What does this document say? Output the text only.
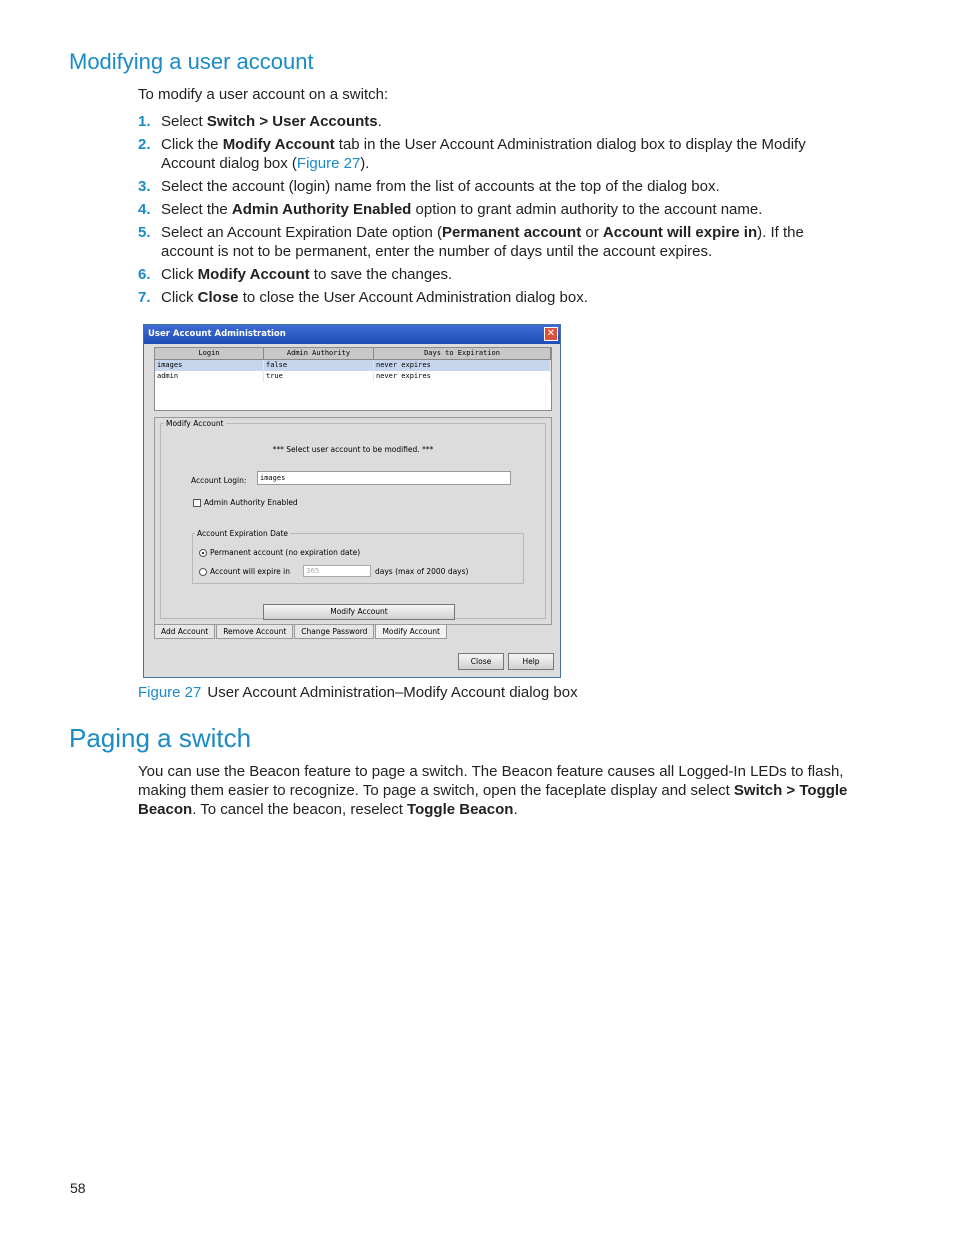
Modifying a user account

To modify a user account on a switch:

1. Select Switch > User Accounts.
2. Click the Modify Account tab in the User Account Administration dialog box to display the Modify Account dialog box (Figure 27).
3. Select the account (login) name from the list of accounts at the top of the dialog box.
4. Select the Admin Authority Enabled option to grant admin authority to the account name.
5. Select an Account Expiration Date option (Permanent account or Account will expire in). If the account is not to be permanent, enter the number of days until the account expires.
6. Click Modify Account to save the changes.
7. Click Close to close the User Account Administration dialog box.
User Account Administration	✕
Login	Admin Authority	Days to Expiration
images	false	never expires
admin	true	never expires
Modify Account
*** Select user account to be modified. ***
Account Login:	images
Admin Authority Enabled
Account Expiration Date
Permanent account (no expiration date)
Account will expire in	365	days (max of 2000 days)
Modify Account
Add Account	Remove Account	Change Password	Modify Account
Close	Help
Figure 27 User Account Administration–Modify Account dialog box
Paging a switch

You can use the Beacon feature to page a switch. The Beacon feature causes all Logged-In LEDs to flash, making them easier to recognize. To page a switch, open the faceplate display and select Switch > Toggle Beacon. To cancel the beacon, reselect Toggle Beacon.

58
